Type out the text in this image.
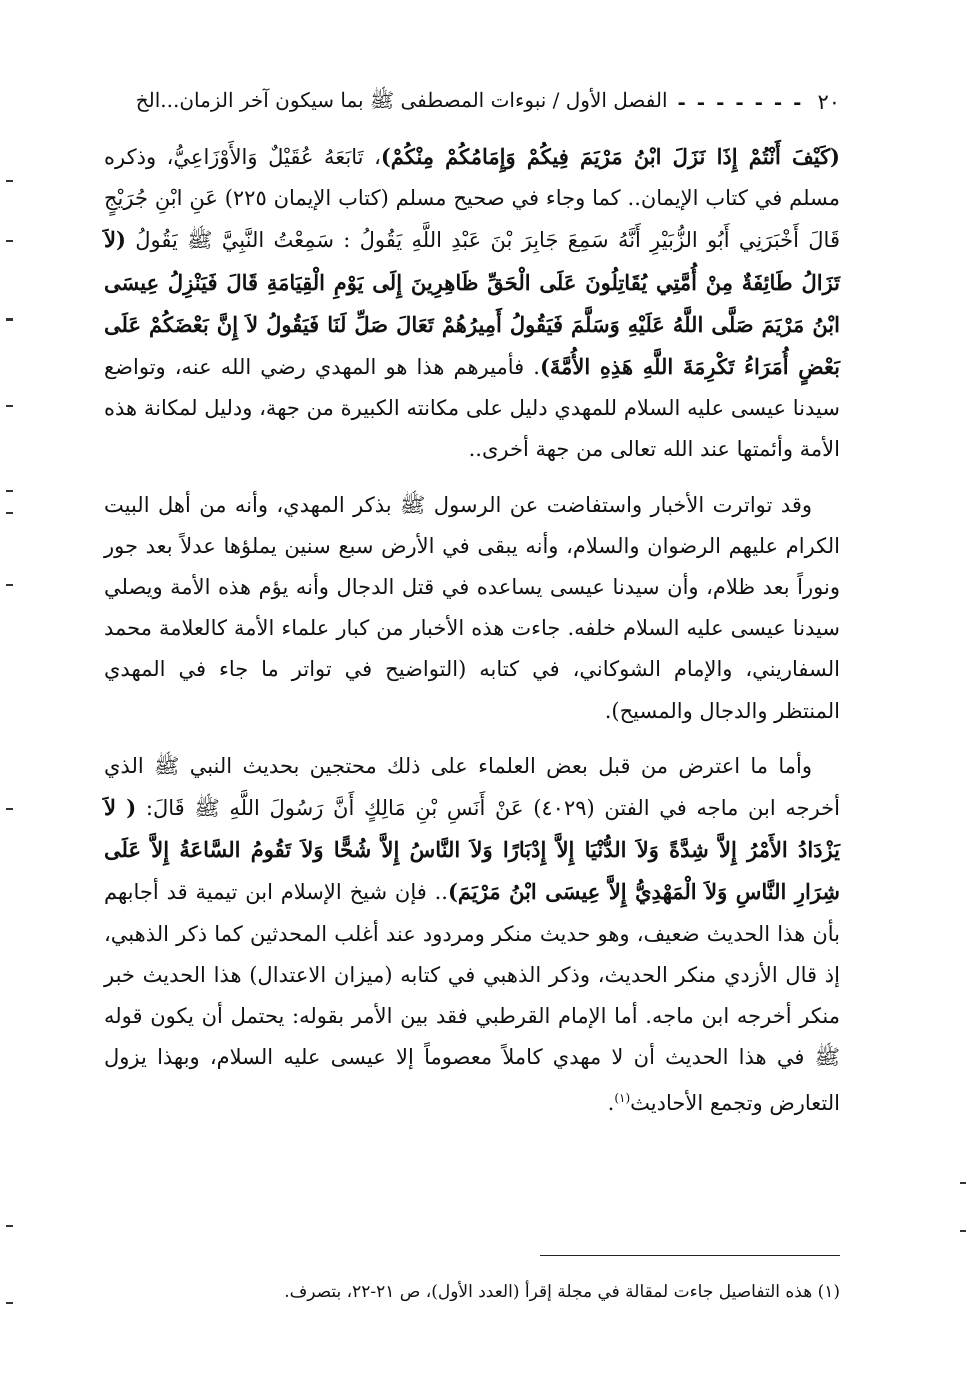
٢٠
- - - - - - -
الفصل الأول / نبوءات المصطفى ﷺ بما سيكون آخر الزمان...الخ

(كَيْفَ أَنْتُمْ إِذَا نَزَلَ ابْنُ مَرْيَمَ فِيكُمْ وَإِمَامُكُمْ مِنْكُمْ)، تَابَعَهُ عُقَيْلٌ وَالأَوْزَاعِيُّ، وذكره مسلم في كتاب الإيمان.. كما وجاء في صحيح مسلم (كتاب الإيمان ٢٢٥) عَنِ ابْنِ جُرَيْجٍ قَالَ أَخْبَرَنِي أَبُو الزُّبَيْرِ أَنَّهُ سَمِعَ جَابِرَ بْنَ عَبْدِ اللَّهِ يَقُولُ : سَمِعْتُ النَّبِيَّ ﷺ يَقُولُ (لاَ تَزَالُ طَائِفَةٌ مِنْ أُمَّتِي يُقَاتِلُونَ عَلَى الْحَقِّ ظَاهِرِينَ إِلَى يَوْمِ الْقِيَامَةِ قَالَ فَيَنْزِلُ عِيسَى ابْنُ مَرْيَمَ صَلَّى اللَّهُ عَلَيْهِ وَسَلَّمَ فَيَقُولُ أَمِيرُهُمْ تَعَالَ صَلِّ لَنَا فَيَقُولُ لاَ إِنَّ بَعْضَكُمْ عَلَى بَعْضٍ أُمَرَاءُ تَكْرِمَةَ اللَّهِ هَذِهِ الأُمَّةَ). فأميرهم هذا هو المهدي رضي الله عنه، وتواضع سيدنا عيسى عليه السلام للمهدي دليل على مكانته الكبيرة من جهة، ودليل لمكانة هذه الأمة وأئمتها عند الله تعالى من جهة أخرى..

وقد تواترت الأخبار واستفاضت عن الرسول ﷺ بذكر المهدي، وأنه من أهل البيت الكرام عليهم الرضوان والسلام، وأنه يبقى في الأرض سبع سنين يملؤها عدلاً بعد جور ونوراً بعد ظلام، وأن سيدنا عيسى يساعده في قتل الدجال وأنه يؤم هذه الأمة ويصلي سيدنا عيسى عليه السلام خلفه. جاءت هذه الأخبار من كبار علماء الأمة كالعلامة محمد السفاريني، والإمام الشوكاني، في كتابه (التواضيح في تواتر ما جاء في المهدي المنتظر والدجال والمسيح).

وأما ما اعترض من قبل بعض العلماء على ذلك محتجين بحديث النبي ﷺ الذي أخرجه ابن ماجه في الفتن (٤٠٢٩) عَنْ أَنَسِ بْنِ مَالِكٍ أَنَّ رَسُولَ اللَّهِ ﷺ قَالَ: ( لاَ يَزْدَادُ الأَمْرُ إِلاَّ شِدَّةً وَلاَ الدُّنْيَا إِلاَّ إِدْبَارًا وَلاَ النَّاسُ إِلاَّ شُحًّا وَلاَ تَقُومُ السَّاعَةُ إِلاَّ عَلَى شِرَارِ النَّاسِ وَلاَ الْمَهْدِيُّ إِلاَّ عِيسَى ابْنُ مَرْيَمَ).. فإن شيخ الإسلام ابن تيمية قد أجابهم بأن هذا الحديث ضعيف، وهو حديث منكر ومردود عند أغلب المحدثين كما ذكر الذهبي، إذ قال الأزدي منكر الحديث، وذكر الذهبي في كتابه (ميزان الاعتدال) هذا الحديث خبر منكر أخرجه ابن ماجه. أما الإمام القرطبي فقد بين الأمر بقوله: يحتمل أن يكون قوله ﷺ في هذا الحديث أن لا مهدي كاملاً معصوماً إلا عيسى عليه السلام، وبهذا يزول التعارض وتجمع الأحاديث$^{(١)}$.

(١) هذه التفاصيل جاءت لمقالة في مجلة إقرأ (العدد الأول)، ص ٢١-٢٢، بتصرف.
